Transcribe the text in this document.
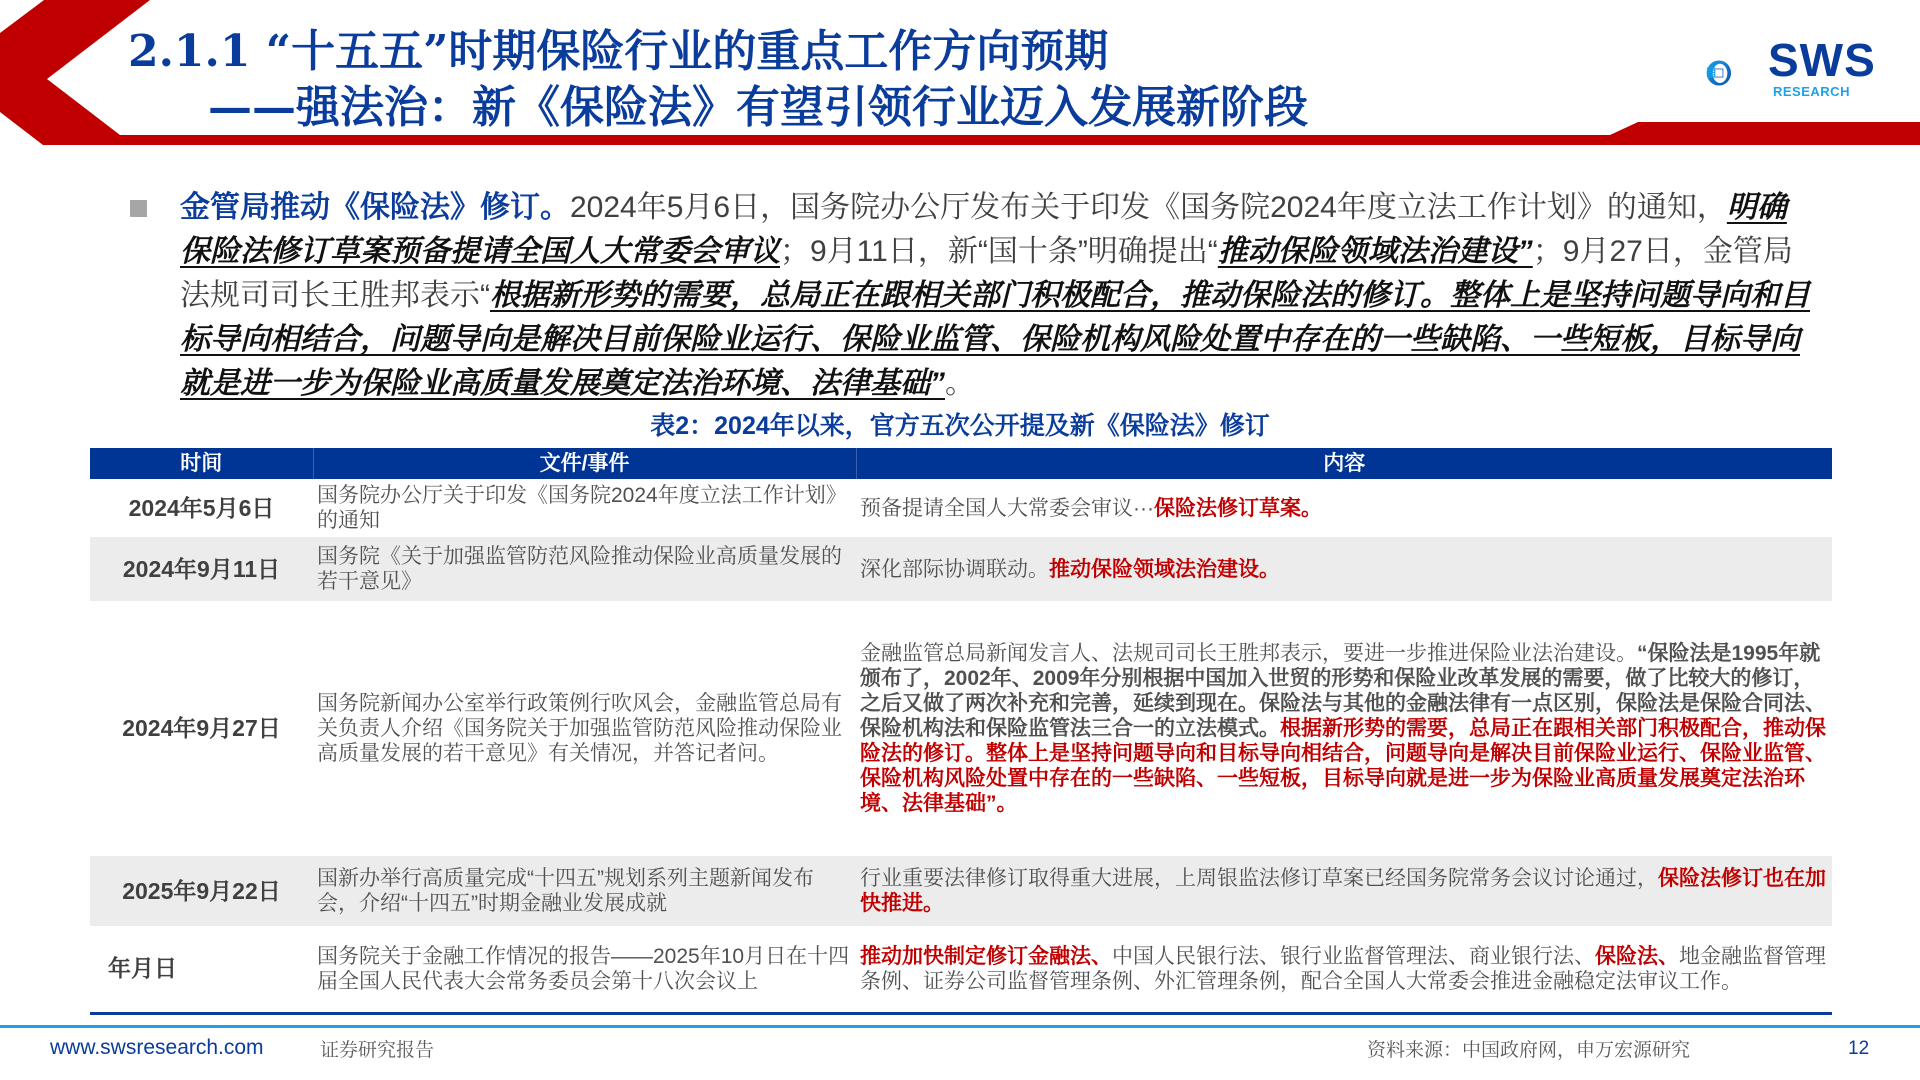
2.1.1 “十五五”时期保险行业的重点工作方向预期
——强法治：新《保险法》有望引领行业迈入发展新阶段
SWS
RESEARCH
金管局推动《保险法》修订。2024年5月6日，国务院办公厅发布关于印发《国务院2024年度立法工作计划》的通知，明确保险法修订草案预备提请全国人大常委会审议；9月11日，新“国十条”明确提出“推动保险领域法治建设”；9月27日，金管局法规司司长王胜邦表示“根据新形势的需要，总局正在跟相关部门积极配合，推动保险法的修订。整体上是坚持问题导向和目标导向相结合，问题导向是解决目前保险业运行、保险业监管、保险机构风险处置中存在的一些缺陷、一些短板，目标导向就是进一步为保险业高质量发展奠定法治环境、法律基础”。
表2：2024年以来，官方五次公开提及新《保险法》修订
时间	文件/事件	内容
2024年5月6日	国务院办公厅关于印发《国务院2024年度立法工作计划》的通知	预备提请全国人大常委会审议···保险法修订草案。
2024年9月11日	国务院《关于加强监管防范风险推动保险业高质量发展的若干意见》	深化部际协调联动。推动保险领域法治建设。
2024年9月27日	国务院新闻办公室举行政策例行吹风会，金融监管总局有关负责人介绍《国务院关于加强监管防范风险推动保险业高质量发展的若干意见》有关情况，并答记者问。	金融监管总局新闻发言人、法规司司长王胜邦表示，要进一步推进保险业法治建设。“保险法是1995年就颁布了，2002年、2009年分别根据中国加入世贸的形势和保险业改革发展的需要，做了比较大的修订，之后又做了两次补充和完善，延续到现在。保险法与其他的金融法律有一点区别，保险法是保险合同法、保险机构法和保险监管法三合一的立法模式。根据新形势的需要，总局正在跟相关部门积极配合，推动保险法的修订。整体上是坚持问题导向和目标导向相结合，问题导向是解决目前保险业运行、保险业监管、保险机构风险处置中存在的一些缺陷、一些短板，目标导向就是进一步为保险业高质量发展奠定法治环境、法律基础”。
2025年9月22日	国新办举行高质量完成“十四五”规划系列主题新闻发布会，介绍“十四五”时期金融业发展成就	行业重要法律修订取得重大进展，上周银监法修订草案已经国务院常务会议讨论通过，保险法修订也在加快推进。
年月日	国务院关于金融工作情况的报告——2025年10月日在十四届全国人民代表大会常务委员会第十八次会议上	推动加快制定修订金融法、中国人民银行法、银行业监督管理法、商业银行法、保险法、地金融监督管理条例、证券公司监督管理条例、外汇管理条例，配合全国人大常委会推进金融稳定法审议工作。
www.swsresearch.com	证券研究报告	资料来源：中国政府网，申万宏源研究	12
